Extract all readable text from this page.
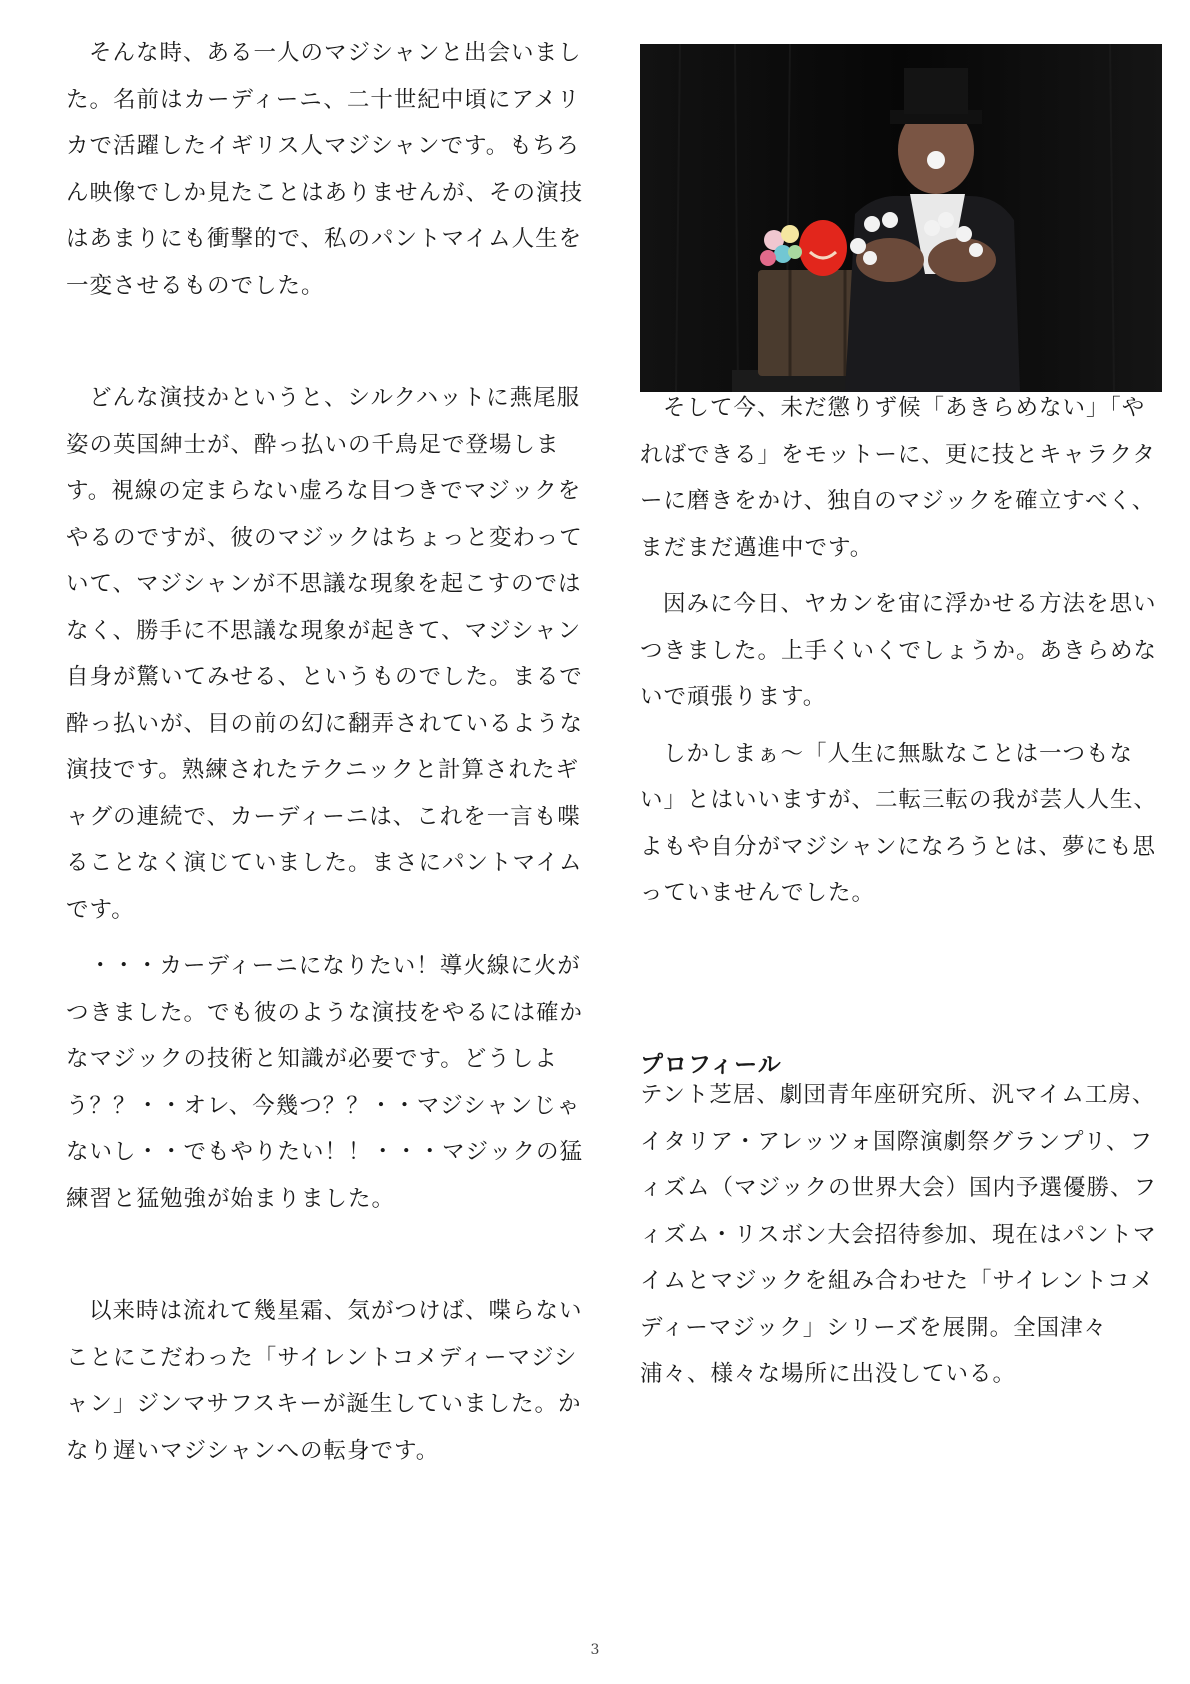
そんな時、ある一人のマジシャンと出会いました。名前はカーディーニ、二十世紀中頃にアメリカで活躍したイギリス人マジシャンです。もちろん映像でしか見たことはありませんが、その演技はあまりにも衝撃的で、私のパントマイム人生を一変させるものでした。

どんな演技かというと、シルクハットに燕尾服姿の英国紳士が、酔っ払いの千鳥足で登場します。視線の定まらない虚ろな目つきでマジックをやるのですが、彼のマジックはちょっと変わっていて、マジシャンが不思議な現象を起こすのではなく、勝手に不思議な現象が起きて、マジシャン自身が驚いてみせる、というものでした。まるで酔っ払いが、目の前の幻に翻弄されているような演技です。熟練されたテクニックと計算されたギャグの連続で、カーディーニは、これを一言も喋ることなく演じていました。まさにパントマイムです。

・・・カーディーニになりたい！導火線に火がつきました。でも彼のような演技をやるには確かなマジックの技術と知識が必要です。どうしよう？？・・オレ、今幾つ？？・・マジシャンじゃないし・・でもやりたい！！・・・マジックの猛練習と猛勉強が始まりました。

以来時は流れて幾星霜、気がつけば、喋らないことにこだわった「サイレントコメディーマジシャン」ジンマサフスキーが誕生していました。かなり遅いマジシャンへの転身です。

そして今、未だ懲りず候「あきらめない」「やればできる」をモットーに、更に技とキャラクターに磨きをかけ、独自のマジックを確立すべく、まだまだ邁進中です。

因みに今日、ヤカンを宙に浮かせる方法を思いつきました。上手くいくでしょうか。あきらめないで頑張ります。

しかしまぁ～「人生に無駄なことは一つもない」とはいいますが、二転三転の我が芸人人生、よもや自分がマジシャンになろうとは、夢にも思っていませんでした。

プロフィール

テント芝居、劇団青年座研究所、汎マイム工房、イタリア・アレッツォ国際演劇祭グランプリ、フィズム（マジックの世界大会）国内予選優勝、フィズム・リスボン大会招待参加、現在はパントマイムとマジックを組み合わせた「サイレントコメディーマジック」シリーズを展開。全国津々
浦々、様々な場所に出没している。

3
